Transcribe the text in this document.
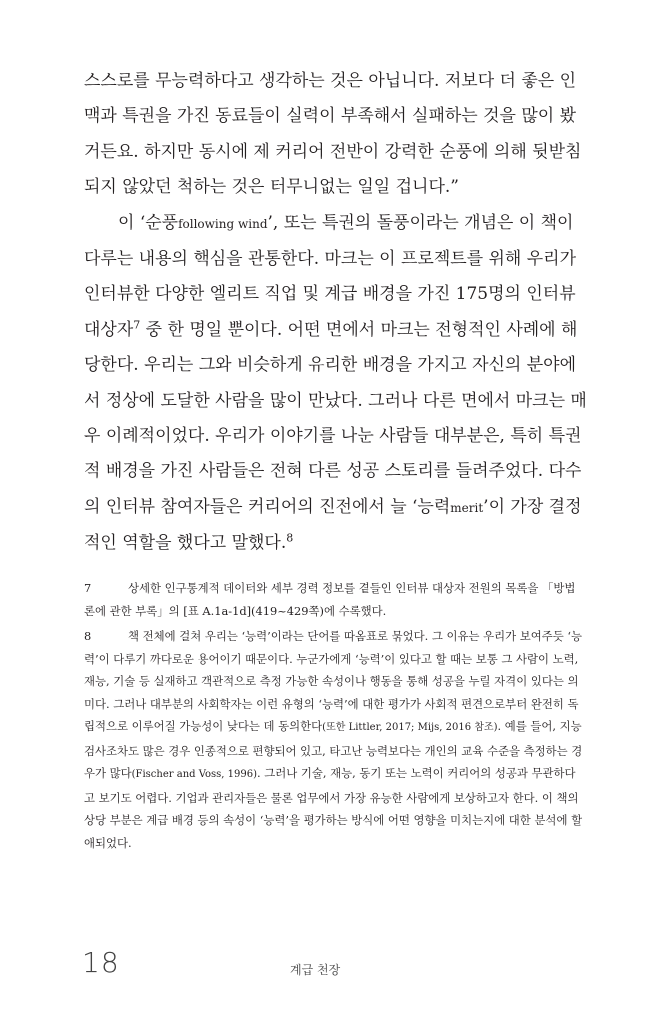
스스로를 무능력하다고 생각하는 것은 아닙니다. 저보다 더 좋은 인맥과 특권을 가진 동료들이 실력이 부족해서 실패하는 것을 많이 봤거든요. 하지만 동시에 제 커리어 전반이 강력한 순풍에 의해 뒷받침되지 않았던 척하는 것은 터무니없는 일일 겁니다.”

이 ‘순풍following wind’, 또는 특권의 돌풍이라는 개념은 이 책이 다루는 내용의 핵심을 관통한다. 마크는 이 프로젝트를 위해 우리가 인터뷰한 다양한 엘리트 직업 및 계급 배경을 가진 175명의 인터뷰 대상자$^7$ 중 한 명일 뿐이다. 어떤 면에서 마크는 전형적인 사례에 해당한다. 우리는 그와 비슷하게 유리한 배경을 가지고 자신의 분야에서 정상에 도달한 사람을 많이 만났다. 그러나 다른 면에서 마크는 매우 이례적이었다. 우리가 이야기를 나눈 사람들 대부분은, 특히 특권적 배경을 가진 사람들은 전혀 다른 성공 스토리를 들려주었다. 다수의 인터뷰 참여자들은 커리어의 진전에서 늘 ‘능력merit’이 가장 결정적인 역할을 했다고 말했다.$^8$

7	상세한 인구통계적 데이터와 세부 경력 정보를 곁들인 인터뷰 대상자 전원의 목록을 「방법론에 관한 부록」의 [표 A.1a-1d](419~429쪽)에 수록했다.

8	책 전체에 걸쳐 우리는 ‘능력’이라는 단어를 따옴표로 묶었다. 그 이유는 우리가 보여주듯 ‘능력’이 다루기 까다로운 용어이기 때문이다. 누군가에게 ‘능력’이 있다고 할 때는 보통 그 사람이 노력, 재능, 기술 등 실재하고 객관적으로 측정 가능한 속성이나 행동을 통해 성공을 누릴 자격이 있다는 의미다. 그러나 대부분의 사회학자는 이런 유형의 ‘능력’에 대한 평가가 사회적 편견으로부터 완전히 독립적으로 이루어질 가능성이 낮다는 데 동의한다(또한 Littler, 2017; Mijs, 2016 참조). 예를 들어, 지능 검사조차도 많은 경우 인종적으로 편향되어 있고, 타고난 능력보다는 개인의 교육 수준을 측정하는 경우가 많다(Fischer and Voss, 1996). 그러나 기술, 재능, 동기 또는 노력이 커리어의 성공과 무관하다고 보기도 어렵다. 기업과 관리자들은 물론 업무에서 가장 유능한 사람에게 보상하고자 한다. 이 책의 상당 부분은 계급 배경 등의 속성이 ‘능력’을 평가하는 방식에 어떤 영향을 미치는지에 대한 분석에 할애되었다.

18	계급 천장
